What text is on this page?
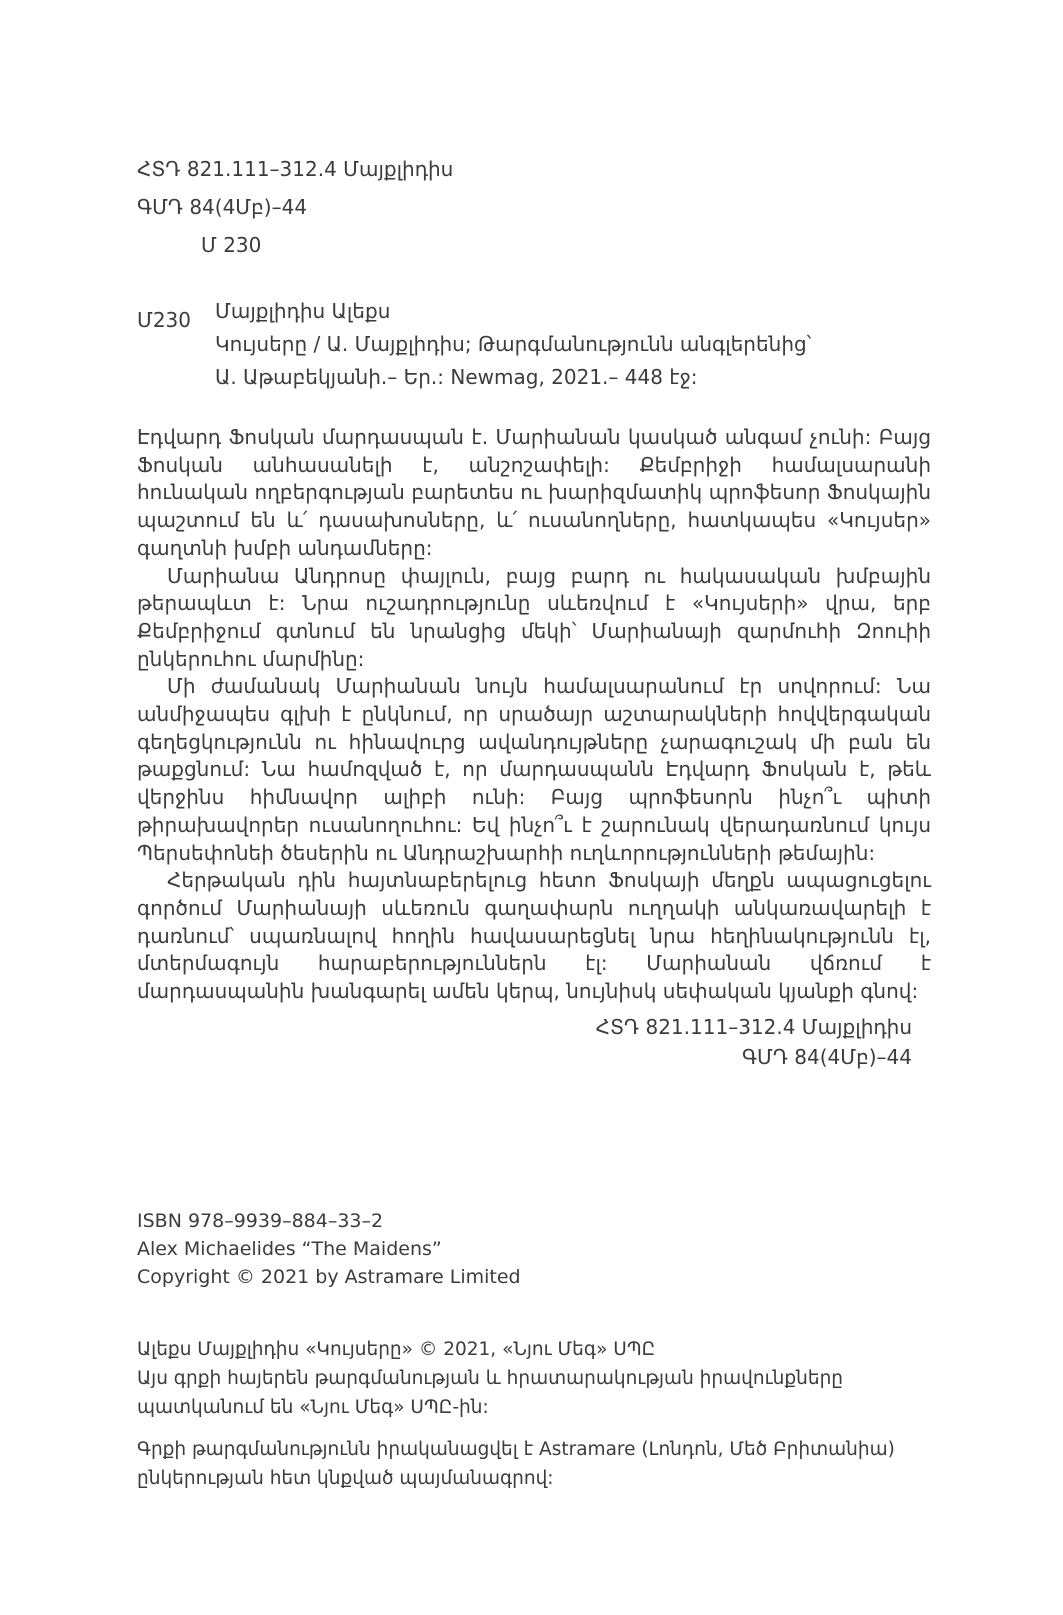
ՀՏԴ 821.111–312.4 Մայքլիդիս
ԳՄԴ 84(4Մբ)–44
Մ 230
Մ230	Մայքլիդիս Ալեքս
Կույսերը / Ա. Մայքլիդիս; Թարգմանությունն անգլերենից՝
Ա. Աթաբեկյանի.– Եր.: Newmag, 2021.– 448 էջ:

Էդվարդ Ֆոսկան մարդասպան է. Մարիանան կասկած անգամ չունի: Բայց Ֆոսկան անհասանելի է, անշոշափելի: Քեմբրիջի համալսարանի հունական ողբերգության բարետես ու խարիզմատիկ պրոֆեսոր Ֆոսկային պաշտում են և՛ դասախոսները, և՛ ուսանողները, հատկապես «Կույսեր» գաղտնի խմբի անդամները:

Մարիանա Անդրոսը փայլուն, բայց բարդ ու հակասական խմբային թերապևտ է: Նրա ուշադրությունը սևեռվում է «Կույսերի» վրա, երբ Քեմբրիջում գտնում են նրանցից մեկի՝ Մարիանայի զարմուհի Զոուիի ընկերուհու մարմինը:

Մի ժամանակ Մարիանան նույն համալսարանում էր սովորում: Նա անմիջապես գլխի է ընկնում, որ սրածայր աշտարակների հովվերգական գեղեցկությունն ու հինավուրց ավանդույթները չարագուշակ մի բան են թաքցնում: Նա համոզված է, որ մարդասպանն Էդվարդ Ֆոսկան է, թեև վերջինս հիմնավոր ալիբի ունի: Բայց պրոֆեսորն ինչո՞ւ պիտի թիրախավորեր ուսանողուհու: Եվ ինչո՞ւ է շարունակ վերադառնում կույս Պերսեփոնեի ծեսերին ու Անդրաշխարհի ուղևորությունների թեմային:

Հերթական դին հայտնաբերելուց հետո Ֆոսկայի մեղքն ապացուցելու գործում Մարիանայի սևեռուն գաղափարն ուղղակի անկառավարելի է դառնում՝ սպառնալով հողին հավասարեցնել նրա հեղինակությունն էլ, մտերմագույն հարաբերություններն էլ: Մարիանան վճռում է մարդասպանին խանգարել ամեն կերպ, նույնիսկ սեփական կյանքի գնով:

ՀՏԴ 821.111–312.4 Մայքլիդիս
ԳՄԴ 84(4Մբ)–44
ISBN 978–9939–884–33–2
Alex Michaelides “The Maidens”
Copyright © 2021 by Astramare Limited
Ալեքս Մայքլիդիս «Կույսերը» © 2021, «Նյու Մեգ» ՍՊԸ
Այս գրքի հայերեն թարգմանության և հրատարակության իրավունքները պատկանում են «Նյու Մեգ» ՍՊԸ-ին:
Գրքի թարգմանությունն իրականացվել է Astramare (Լոնդոն, Մեծ Բրիտանիա) ընկերության հետ կնքված պայմանագրով:
